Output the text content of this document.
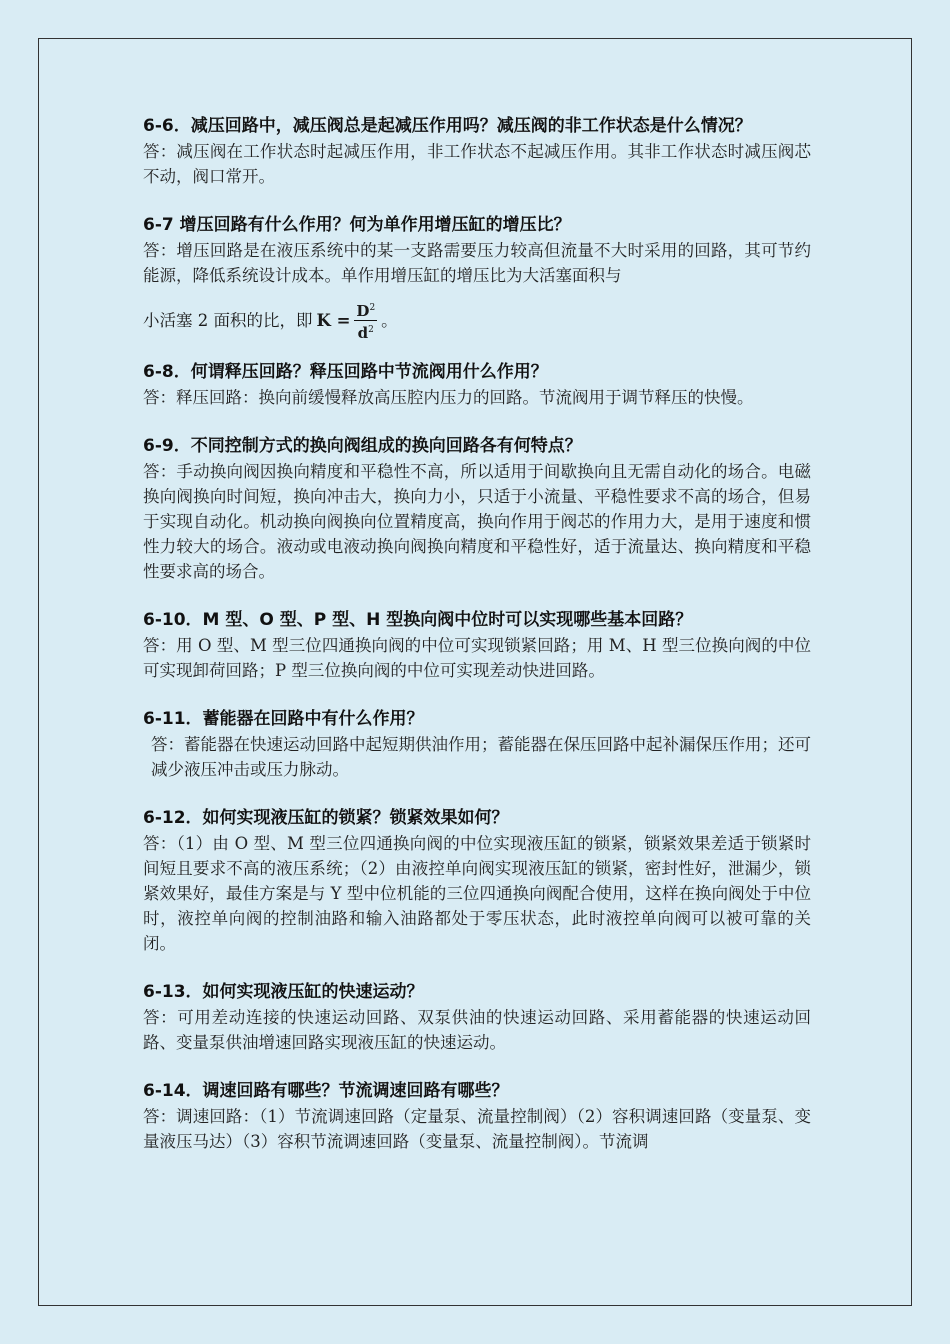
6-6．减压回路中，减压阀总是起减压作用吗？减压阀的非工作状态是什么情况？

答：减压阀在工作状态时起减压作用，非工作状态不起减压作用。其非工作状态时减压阀芯不动，阀口常开。

6-7 增压回路有什么作用？何为单作用增压缸的增压比？

答：增压回路是在液压系统中的某一支路需要压力较高但流量不大时采用的回路，其可节约能源，降低系统设计成本。单作用增压缸的增压比为大活塞面积与

小活塞 2 面积的比，即 $K = \frac{D^2}{d^2}$ 。

6-8．何谓释压回路？释压回路中节流阀用什么作用？

答：释压回路：换向前缓慢释放高压腔内压力的回路。节流阀用于调节释压的快慢。

6-9．不同控制方式的换向阀组成的换向回路各有何特点？

答：手动换向阀因换向精度和平稳性不高，所以适用于间歇换向且无需自动化的场合。电磁换向阀换向时间短，换向冲击大，换向力小，只适于小流量、平稳性要求不高的场合，但易于实现自动化。机动换向阀换向位置精度高，换向作用于阀芯的作用力大，是用于速度和惯性力较大的场合。液动或电液动换向阀换向精度和平稳性好，适于流量达、换向精度和平稳性要求高的场合。

6-10．M 型、O 型、P 型、H 型换向阀中位时可以实现哪些基本回路？

答：用 O 型、M 型三位四通换向阀的中位可实现锁紧回路；用 M、H 型三位换向阀的中位可实现卸荷回路；P 型三位换向阀的中位可实现差动快进回路。

6-11．蓄能器在回路中有什么作用？

答：蓄能器在快速运动回路中起短期供油作用；蓄能器在保压回路中起补漏保压作用；还可减少液压冲击或压力脉动。

6-12．如何实现液压缸的锁紧？锁紧效果如何？

答：（1）由 O 型、M 型三位四通换向阀的中位实现液压缸的锁紧，锁紧效果差适于锁紧时间短且要求不高的液压系统；（2）由液控单向阀实现液压缸的锁紧，密封性好，泄漏少，锁紧效果好，最佳方案是与 Y 型中位机能的三位四通换向阀配合使用，这样在换向阀处于中位时，液控单向阀的控制油路和输入油路都处于零压状态，此时液控单向阀可以被可靠的关闭。

6-13．如何实现液压缸的快速运动？

答：可用差动连接的快速运动回路、双泵供油的快速运动回路、采用蓄能器的快速运动回路、变量泵供油增速回路实现液压缸的快速运动。

6-14．调速回路有哪些？节流调速回路有哪些？

答：调速回路：（1）节流调速回路（定量泵、流量控制阀）（2）容积调速回路（变量泵、变量液压马达）（3）容积节流调速回路（变量泵、流量控制阀）。节流调
